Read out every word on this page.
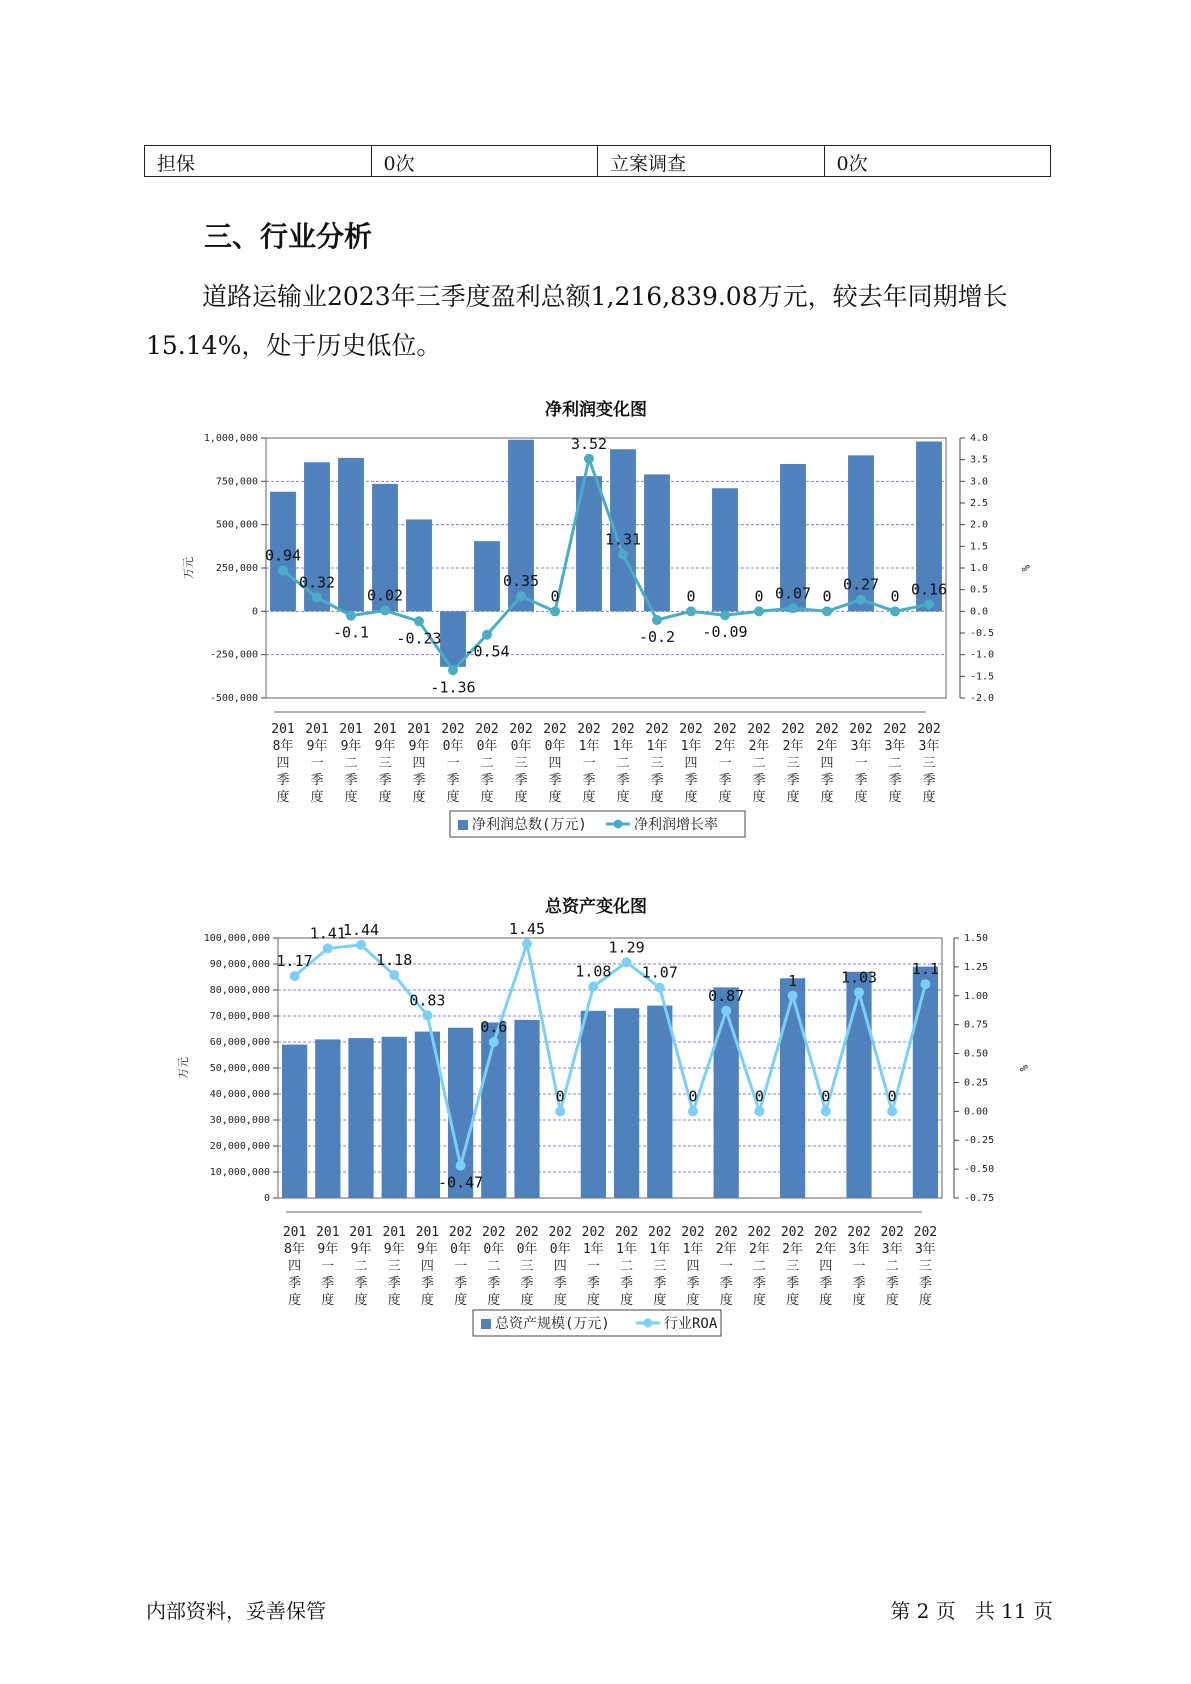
担保	0次	立案调查	0次
三、行业分析
道路运输业2023年三季度盈利总额1,216,839.08万元，较去年同期增长15.14%，处于历史低位。
净利润变化图
-500,000
-250,000
0
250,000
500,000
750,000
1,000,000
-2.0
-1.5
-1.0
-0.5
0.0
0.5
1.0
1.5
2.0
2.5
3.0
3.5
4.0
万元	%
0.94
0.32
-0.1
0.02
-0.23
-1.36
-0.54
0.35
0
3.52
1.31
-0.2
0
-0.09
0 0.07 0
0.27
0 0.16
201
8年
四
季
度
201
9年
一
季
度
201
9年
二
季
度
201
9年
三
季
度
201
9年
四
季
度
202
0年
一
季
度
202
0年
二
季
度
202
0年
三
季
度
202
0年
四
季
度
202
1年
一
季
度
202
1年
二
季
度
202
1年
三
季
度
202
1年
四
季
度
202
2年
一
季
度
202
2年
二
季
度
202
2年
三
季
度
202
2年
四
季
度
202
3年
一
季
度
202
3年
二
季
度
202
3年
三
季
度
净利润总数(万元)	净利润增长率
总资产变化图
0
10,000,000
20,000,000
30,000,000
40,000,000
50,000,000
60,000,000
70,000,000
80,000,000
90,000,000
100,000,000
-0.75
-0.50
-0.25
0.00
0.25
0.50
0.75
1.00
1.25
1.50
万元	%
1.17
1.41
1.44
1.18
0.83
-0.47
0.6
1.45
0
1.08
1.29
1.07
0
0.87
0
1
0
1.03
0
1.1
201
8年
四
季
度
201
9年
一
季
度
201
9年
二
季
度
201
9年
三
季
度
201
9年
四
季
度
202
0年
一
季
度
202
0年
二
季
度
202
0年
三
季
度
202
0年
四
季
度
202
1年
一
季
度
202
1年
二
季
度
202
1年
三
季
度
202
1年
四
季
度
202
2年
一
季
度
202
2年
二
季
度
202
2年
三
季
度
202
2年
四
季
度
202
3年
一
季
度
202
3年
二
季
度
202
3年
三
季
度
总资产规模(万元)	行业ROA
内部资料，妥善保管	第 2 页   共 11 页
